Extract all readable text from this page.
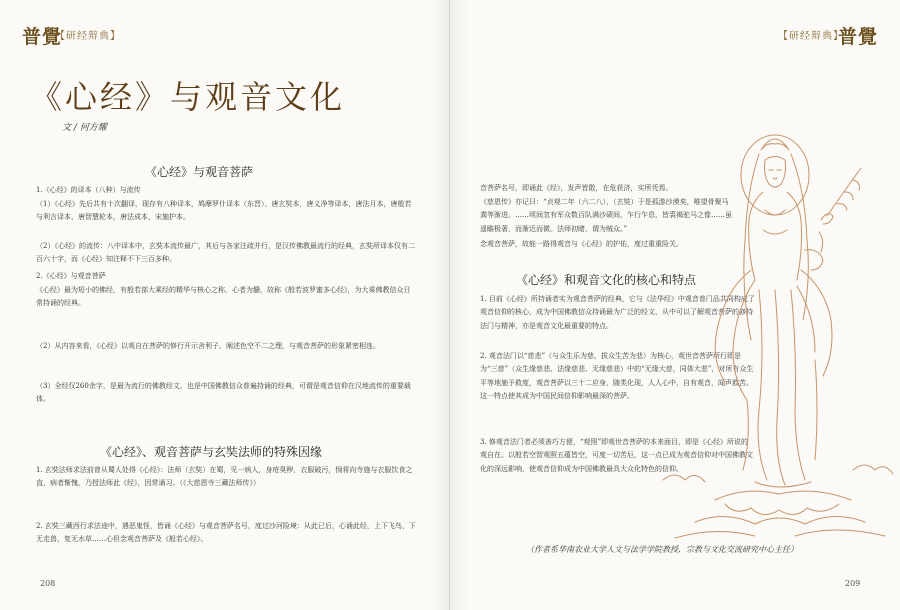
普覺
【研经辩典】	【研经辩典】
普覺
《心经》与观音文化
文 / 何方耀
《心经》与观音菩萨
1.《心经》的译本（八种）与流传
（1）《心经》先后共有十次翻译，现存有八种译本，鸠摩罗什译本（东晋）、唐玄奘本，唐义净等译本，唐法月本，唐般若与利言译本，唐智慧轮本，唐法成本，宋施护本。
（2）《心经》的流传：八中译本中，玄奘本流传最广，其后与各家注疏并行，是汉传佛教最流行的经典，玄奘所译本仅有二百六十字，而《心经》知注释不下三百多种。
2.《心经》与观音菩萨
《心经》最为短小的佛经，有般若部大乘经的精华与核心之称，心者为髓，故称《般若波罗蜜多心经》，为大乘佛教信众日常持诵的经典。
（2）从内容来看，《心经》以观自在菩萨的修行开示舍利子，阐述色空不二之理，与观音菩萨的形象紧密相连。
（3）全经仅260余字，是最为流行的佛教经文，也是中国佛教信众普遍持诵的经典，可谓是观音信仰在汉地流传的重要载体。
《心经》、观音菩萨与玄奘法师的特殊因缘
1. 玄奘法师求法前曾从蜀人处得《心经》：法师（玄奘）在蜀，见一病人，身疮臭秽，衣服破污，悯将向寺施与衣服饮食之直，病者惭愧，乃授法师此《经》，因常诵习。（《大慈恩寺三藏法师传》）
2. 玄奘三藏西行求法途中，遇恶鬼怪，皆诵《心经》与观音菩萨名号，度过沙河险境：从此已后，心诵此经，上下飞鸟，下无走兽，复无水草……心但念观音菩萨及《般若心经》。
音菩萨名号，即诵此《经》，发声皆散，在危获济，实所凭焉。
《慈恩传》亦记曰：“贞观二年（六二八），（玄奘）于是孤游沙漠矣，唯望骨聚马粪等渐进。……顷间忽有军众数百队满沙碛间，乍行乍息，皆裘褐驼马之像……虽遥瞻极著，而渐近而微。法师初睹，谓为贼众。”
念观音菩萨，故能一路得观音与《心经》的护佑，度过重重险关。
《心经》和观音文化的核心和特点
1. 目前《心经》所持诵者实为观音菩萨的经典，它与《法华经》中观音普门品共同构成了观音信仰的核心，成为中国佛教信众持诵最为广泛的经文，从中可以了解观音菩萨的修持法门与精神，亦是观音文化最重要的特点。
2. 观音法门以“慈悲”（与众生乐为慈，拔众生苦为悲）为核心，观世音菩萨所行即是为“三慈”（众生缘慈悲、法缘慈悲、无缘慈悲）中的“无缘大慈，同体大悲”，对所有众生平等地施予救度，观音菩萨以三十二应身，随类化现，人人心中，自有观音，闻声救苦。这一特点使其成为中国民间信仰影响最深的菩萨。
3. 修观音法门者必须善巧方便，“观照”即观世音菩萨的本来面目，即是《心经》所说的观自在。以般若空智观照五蕴皆空，可度一切苦厄，这一点已成为观音信仰对中国佛教文化的深远影响，使观音信仰成为中国佛教最具大众化特色的信仰。
（作者系华南农业大学人文与法学学院教授、宗教与文化交流研究中心主任）
208	209
